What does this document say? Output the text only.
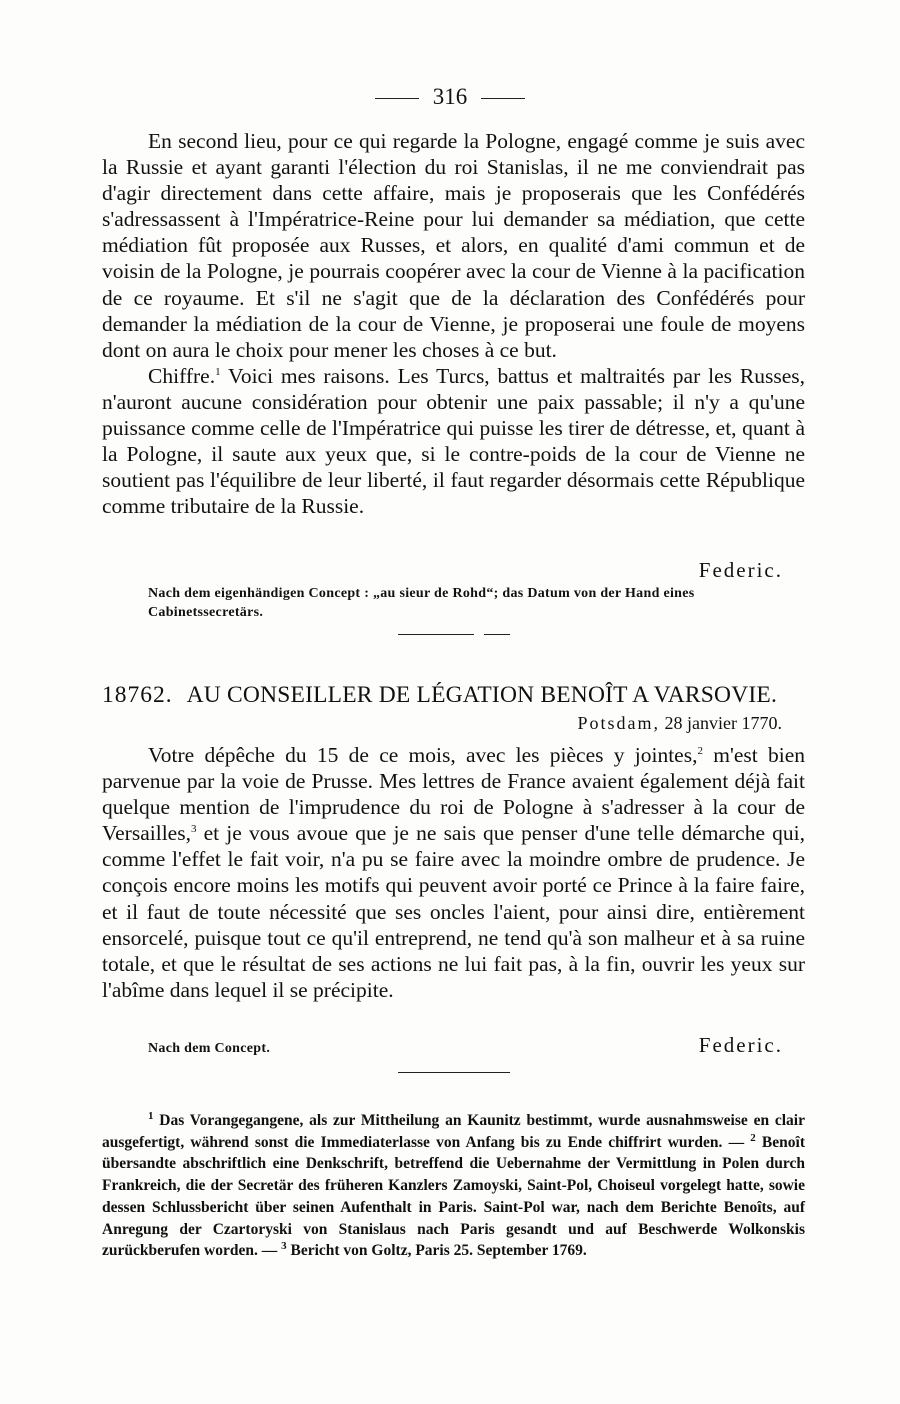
316

En second lieu, pour ce qui regarde la Pologne, engagé comme je suis avec la Russie et ayant garanti l'élection du roi Stanislas, il ne me conviendrait pas d'agir directement dans cette affaire, mais je proposerais que les Confédérés s'adressassent à l'Impératrice-Reine pour lui demander sa médiation, que cette médiation fût proposée aux Russes, et alors, en qualité d'ami commun et de voisin de la Pologne, je pourrais coopérer avec la cour de Vienne à la pacification de ce royaume. Et s'il ne s'agit que de la déclaration des Confédérés pour demander la médiation de la cour de Vienne, je proposerai une foule de moyens dont on aura le choix pour mener les choses à ce but.

Chiffre.$^1$ Voici mes raisons. Les Turcs, battus et maltraités par les Russes, n'auront aucune considération pour obtenir une paix passable; il n'y a qu'une puissance comme celle de l'Impératrice qui puisse les tirer de détresse, et, quant à la Pologne, il saute aux yeux que, si le contre-poids de la cour de Vienne ne soutient pas l'équilibre de leur liberté, il faut regarder désormais cette République comme tributaire de la Russie.

Federic.

Nach dem eigenhändigen Concept : „au sieur de Rohd“; das Datum von der Hand eines Cabinetssecretärs.

18762. AU CONSEILLER DE LÉGATION BENOÎT A VARSOVIE.
Potsdam, 28 janvier 1770.

Votre dépêche du 15 de ce mois, avec les pièces y jointes,$^2$ m'est bien parvenue par la voie de Prusse. Mes lettres de France avaient également déjà fait quelque mention de l'imprudence du roi de Pologne à s'adresser à la cour de Versailles,$^3$ et je vous avoue que je ne sais que penser d'une telle démarche qui, comme l'effet le fait voir, n'a pu se faire avec la moindre ombre de prudence. Je conçois encore moins les motifs qui peuvent avoir porté ce Prince à la faire faire, et il faut de toute nécessité que ses oncles l'aient, pour ainsi dire, entièrement ensorcelé, puisque tout ce qu'il entreprend, ne tend qu'à son malheur et à sa ruine totale, et que le résultat de ses actions ne lui fait pas, à la fin, ouvrir les yeux sur l'abîme dans lequel il se précipite.

Nach dem Concept.	Federic.

$^1$ Das Vorangegangene, als zur Mittheilung an Kaunitz bestimmt, wurde ausnahmsweise en clair ausgefertigt, während sonst die Immediaterlasse von Anfang bis zu Ende chiffrirt wurden. — $^2$ Benoît übersandte abschriftlich eine Denkschrift, betreffend die Uebernahme der Vermittlung in Polen durch Frankreich, die der Secretär des früheren Kanzlers Zamoyski, Saint-Pol, Choiseul vorgelegt hatte, sowie dessen Schlussbericht über seinen Aufenthalt in Paris. Saint-Pol war, nach dem Berichte Benoîts, auf Anregung der Czartoryski von Stanislaus nach Paris gesandt und auf Beschwerde Wolkonskis zurückberufen worden. — $^3$ Bericht von Goltz, Paris 25. September 1769.
